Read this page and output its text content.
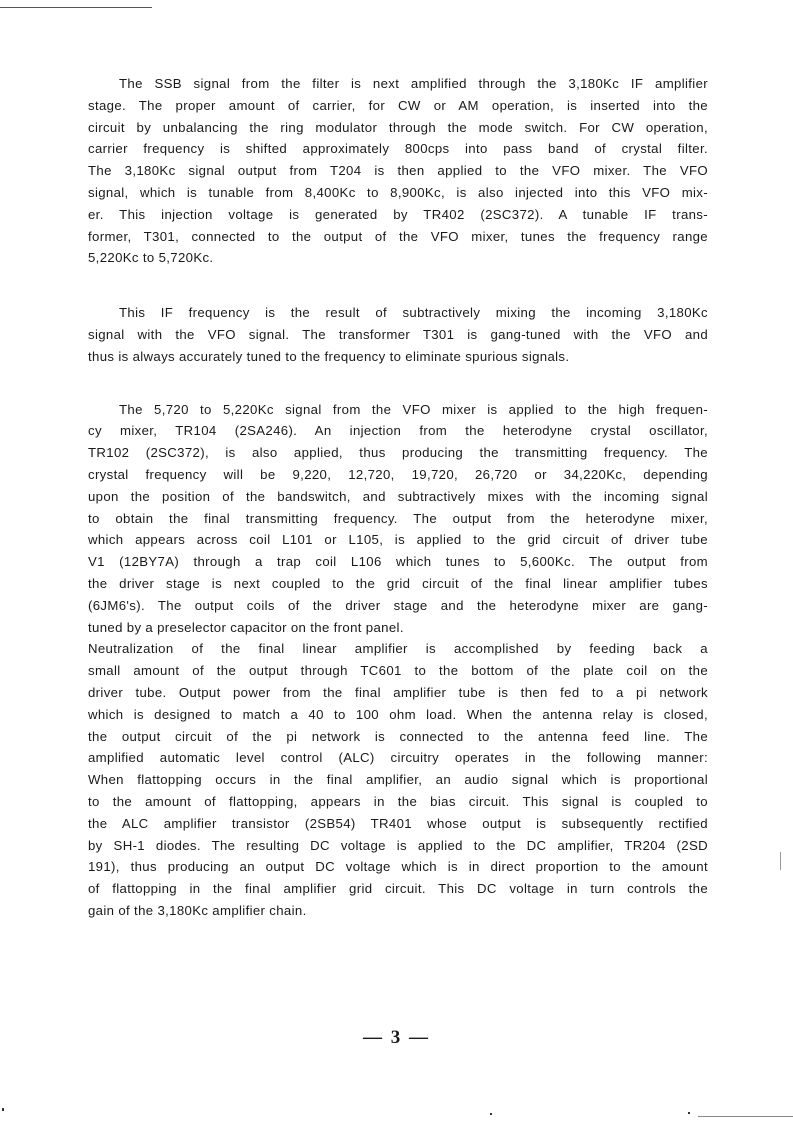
The SSB signal from the filter is next amplified through the 3,180Kc IF amplifier
stage. The proper amount of carrier, for CW or AM operation, is inserted into the
circuit by unbalancing the ring modulator through the mode switch. For CW operation,
carrier frequency is shifted approximately 800cps into pass band of crystal filter.
The 3,180Kc signal output from T204 is then applied to the VFO mixer. The VFO
signal, which is tunable from 8,400Kc to 8,900Kc, is also injected into this VFO mix-
er. This injection voltage is generated by TR402 (2SC372). A tunable IF trans-
former, T301, connected to the output of the VFO mixer, tunes the frequency range
5,220Kc to 5,720Kc.
This IF frequency is the result of subtractively mixing the incoming 3,180Kc
signal with the VFO signal. The transformer T301 is gang-tuned with the VFO and
thus is always accurately tuned to the frequency to eliminate spurious signals.
The 5,720 to 5,220Kc signal from the VFO mixer is applied to the high frequen-
cy mixer, TR104 (2SA246). An injection from the heterodyne crystal oscillator,
TR102 (2SC372), is also applied, thus producing the transmitting frequency. The
crystal frequency will be 9,220, 12,720, 19,720, 26,720 or 34,220Kc, depending
upon the position of the bandswitch, and subtractively mixes with the incoming signal
to obtain the final transmitting frequency. The output from the heterodyne mixer,
which appears across coil L101 or L105, is applied to the grid circuit of driver tube
V1 (12BY7A) through a trap coil L106 which tunes to 5,600Kc. The output from
the driver stage is next coupled to the grid circuit of the final linear amplifier tubes
(6JM6's). The output coils of the driver stage and the heterodyne mixer are gang-
tuned by a preselector capacitor on the front panel.
Neutralization of the final linear amplifier is accomplished by feeding back a
small amount of the output through TC601 to the bottom of the plate coil on the
driver tube. Output power from the final amplifier tube is then fed to a pi network
which is designed to match a 40 to 100 ohm load. When the antenna relay is closed,
the output circuit of the pi network is connected to the antenna feed line. The
amplified automatic level control (ALC) circuitry operates in the following manner:
When flattopping occurs in the final amplifier, an audio signal which is proportional
to the amount of flattopping, appears in the bias circuit. This signal is coupled to
the ALC amplifier transistor (2SB54) TR401 whose output is subsequently rectified
by SH-1 diodes. The resulting DC voltage is applied to the DC amplifier, TR204 (2SD
191), thus producing an output DC voltage which is in direct proportion to the amount
of flattopping in the final amplifier grid circuit. This DC voltage in turn controls the
gain of the 3,180Kc amplifier chain.
— 3 —
